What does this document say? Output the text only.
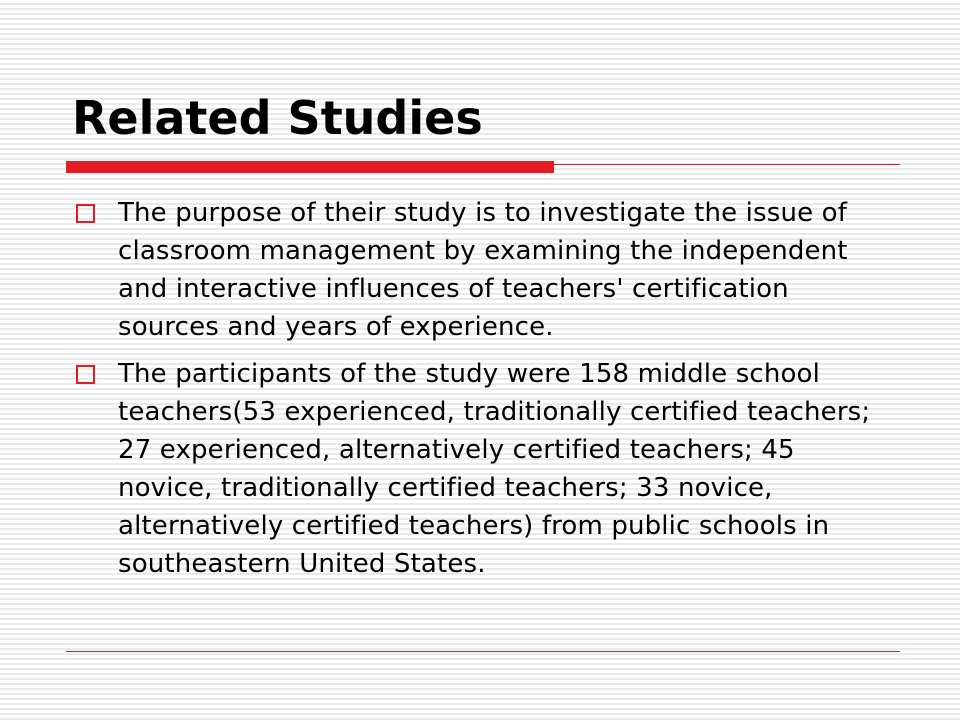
Related Studies
The purpose of their study is to investigate the issue of classroom management by examining the independent and interactive influences of teachers' certification sources and years of experience.
The participants of the study were 158 middle school teachers(53 experienced, traditionally certified teachers; 27 experienced, alternatively certified teachers; 45 novice, traditionally certified teachers; 33 novice, alternatively certified teachers) from public schools in southeastern United States.
